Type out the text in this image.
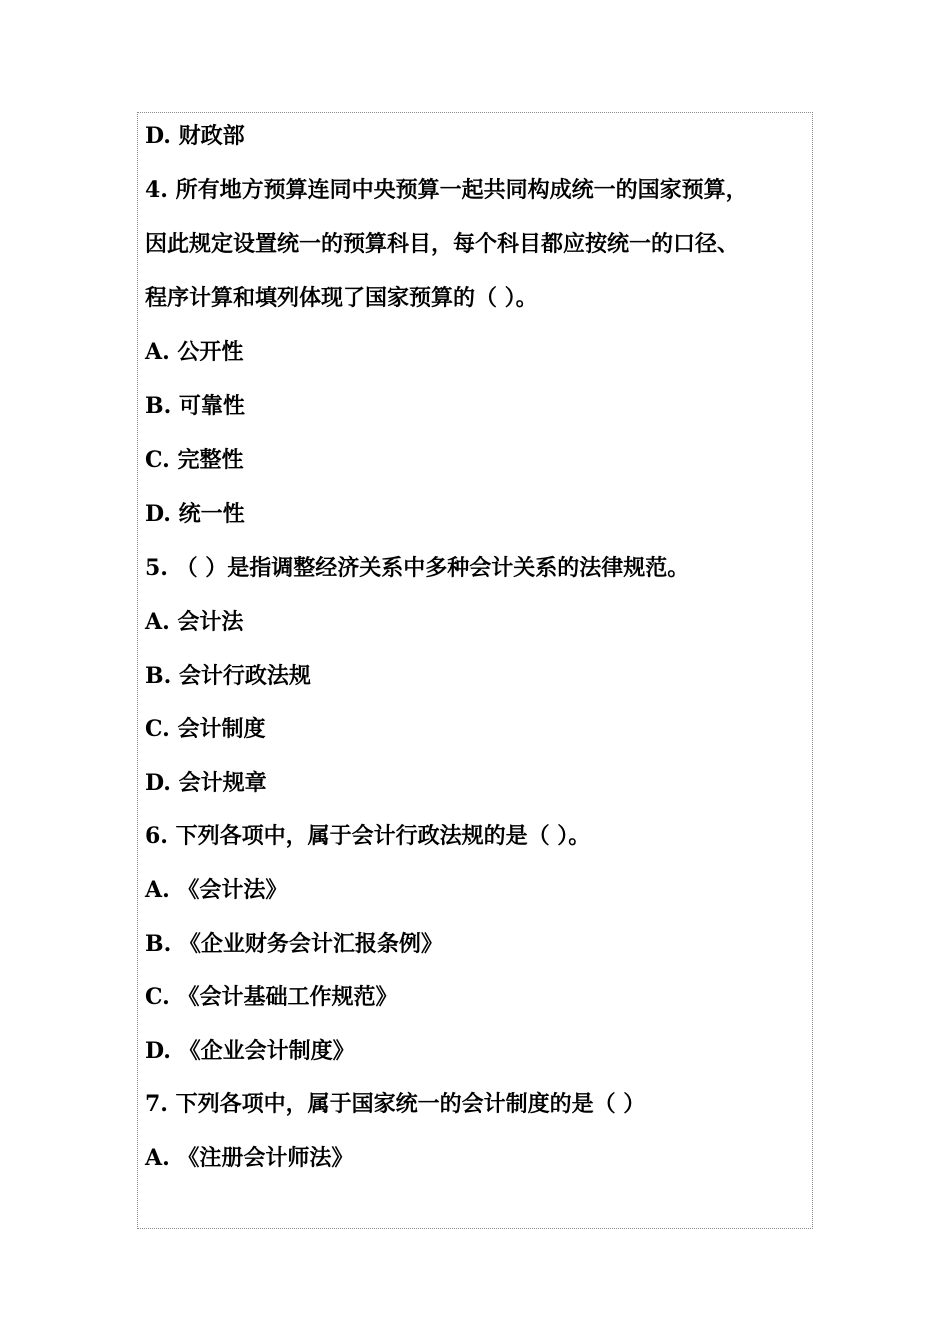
D. 财政部
4. 所有地方预算连同中央预算一起共同构成统一的国家预算，
因此规定设置统一的预算科目，每个科目都应按统一的口径、
程序计算和填列体现了国家预算的（ ）。
A. 公开性
B. 可靠性
C. 完整性
D. 统一性
5. （ ）是指调整经济关系中多种会计关系的法律规范。
A. 会计法
B. 会计行政法规
C. 会计制度
D. 会计规章
6. 下列各项中，属于会计行政法规的是（ ）。
A. 《会计法》
B. 《企业财务会计汇报条例》
C. 《会计基础工作规范》
D. 《企业会计制度》
7. 下列各项中，属于国家统一的会计制度的是（ ）
A. 《注册会计师法》
